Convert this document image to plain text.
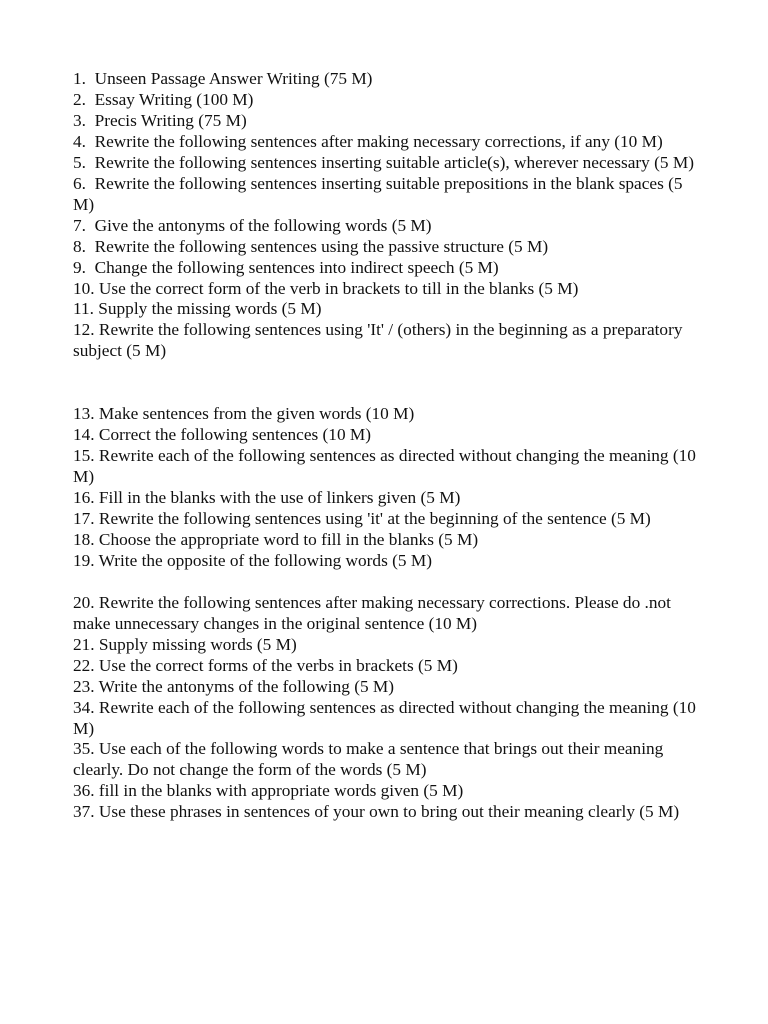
1.  Unseen Passage Answer Writing (75 M)

2.  Essay Writing (100 M)

3.  Precis Writing (75 M)

4.  Rewrite the following sentences after making necessary corrections, if any (10 M)

5.  Rewrite the following sentences inserting suitable article(s), wherever necessary (5 M)

6.  Rewrite the following sentences inserting suitable prepositions in the blank spaces (5 M)

7.  Give the antonyms of the following words (5 M)

8.  Rewrite the following sentences using the passive structure (5 M)

9.  Change the following sentences into indirect speech (5 M)

10. Use the correct form of the verb in brackets to till in the blanks (5 M)

11. Supply the missing words (5 M)

12. Rewrite the following sentences using 'It' / (others) in the beginning as a preparatory subject (5 M)

13. Make sentences from the given words (10 M)

14. Correct the following sentences (10 M)

15. Rewrite each of the following sentences as directed without changing the meaning (10 M)

16. Fill in the blanks with the use of linkers given (5 M)

17. Rewrite the following sentences using 'it' at the beginning of the sentence (5 M)

18. Choose the appropriate word to fill in the blanks (5 M)

19. Write the opposite of the following words (5 M)

20. Rewrite the following sentences after making necessary corrections. Please do .not make unnecessary changes in the original sentence (10 M)

21. Supply missing words (5 M)

22. Use the correct forms of the verbs in brackets (5 M)

23. Write the antonyms of the following (5 M)

34. Rewrite each of the following sentences as directed without changing the meaning (10 M)

35. Use each of the following words to make a sentence that brings out their meaning clearly. Do not change the form of the words (5 M)

36. fill in the blanks with appropriate words given (5 M)

37. Use these phrases in sentences of your own to bring out their meaning clearly (5 M)
